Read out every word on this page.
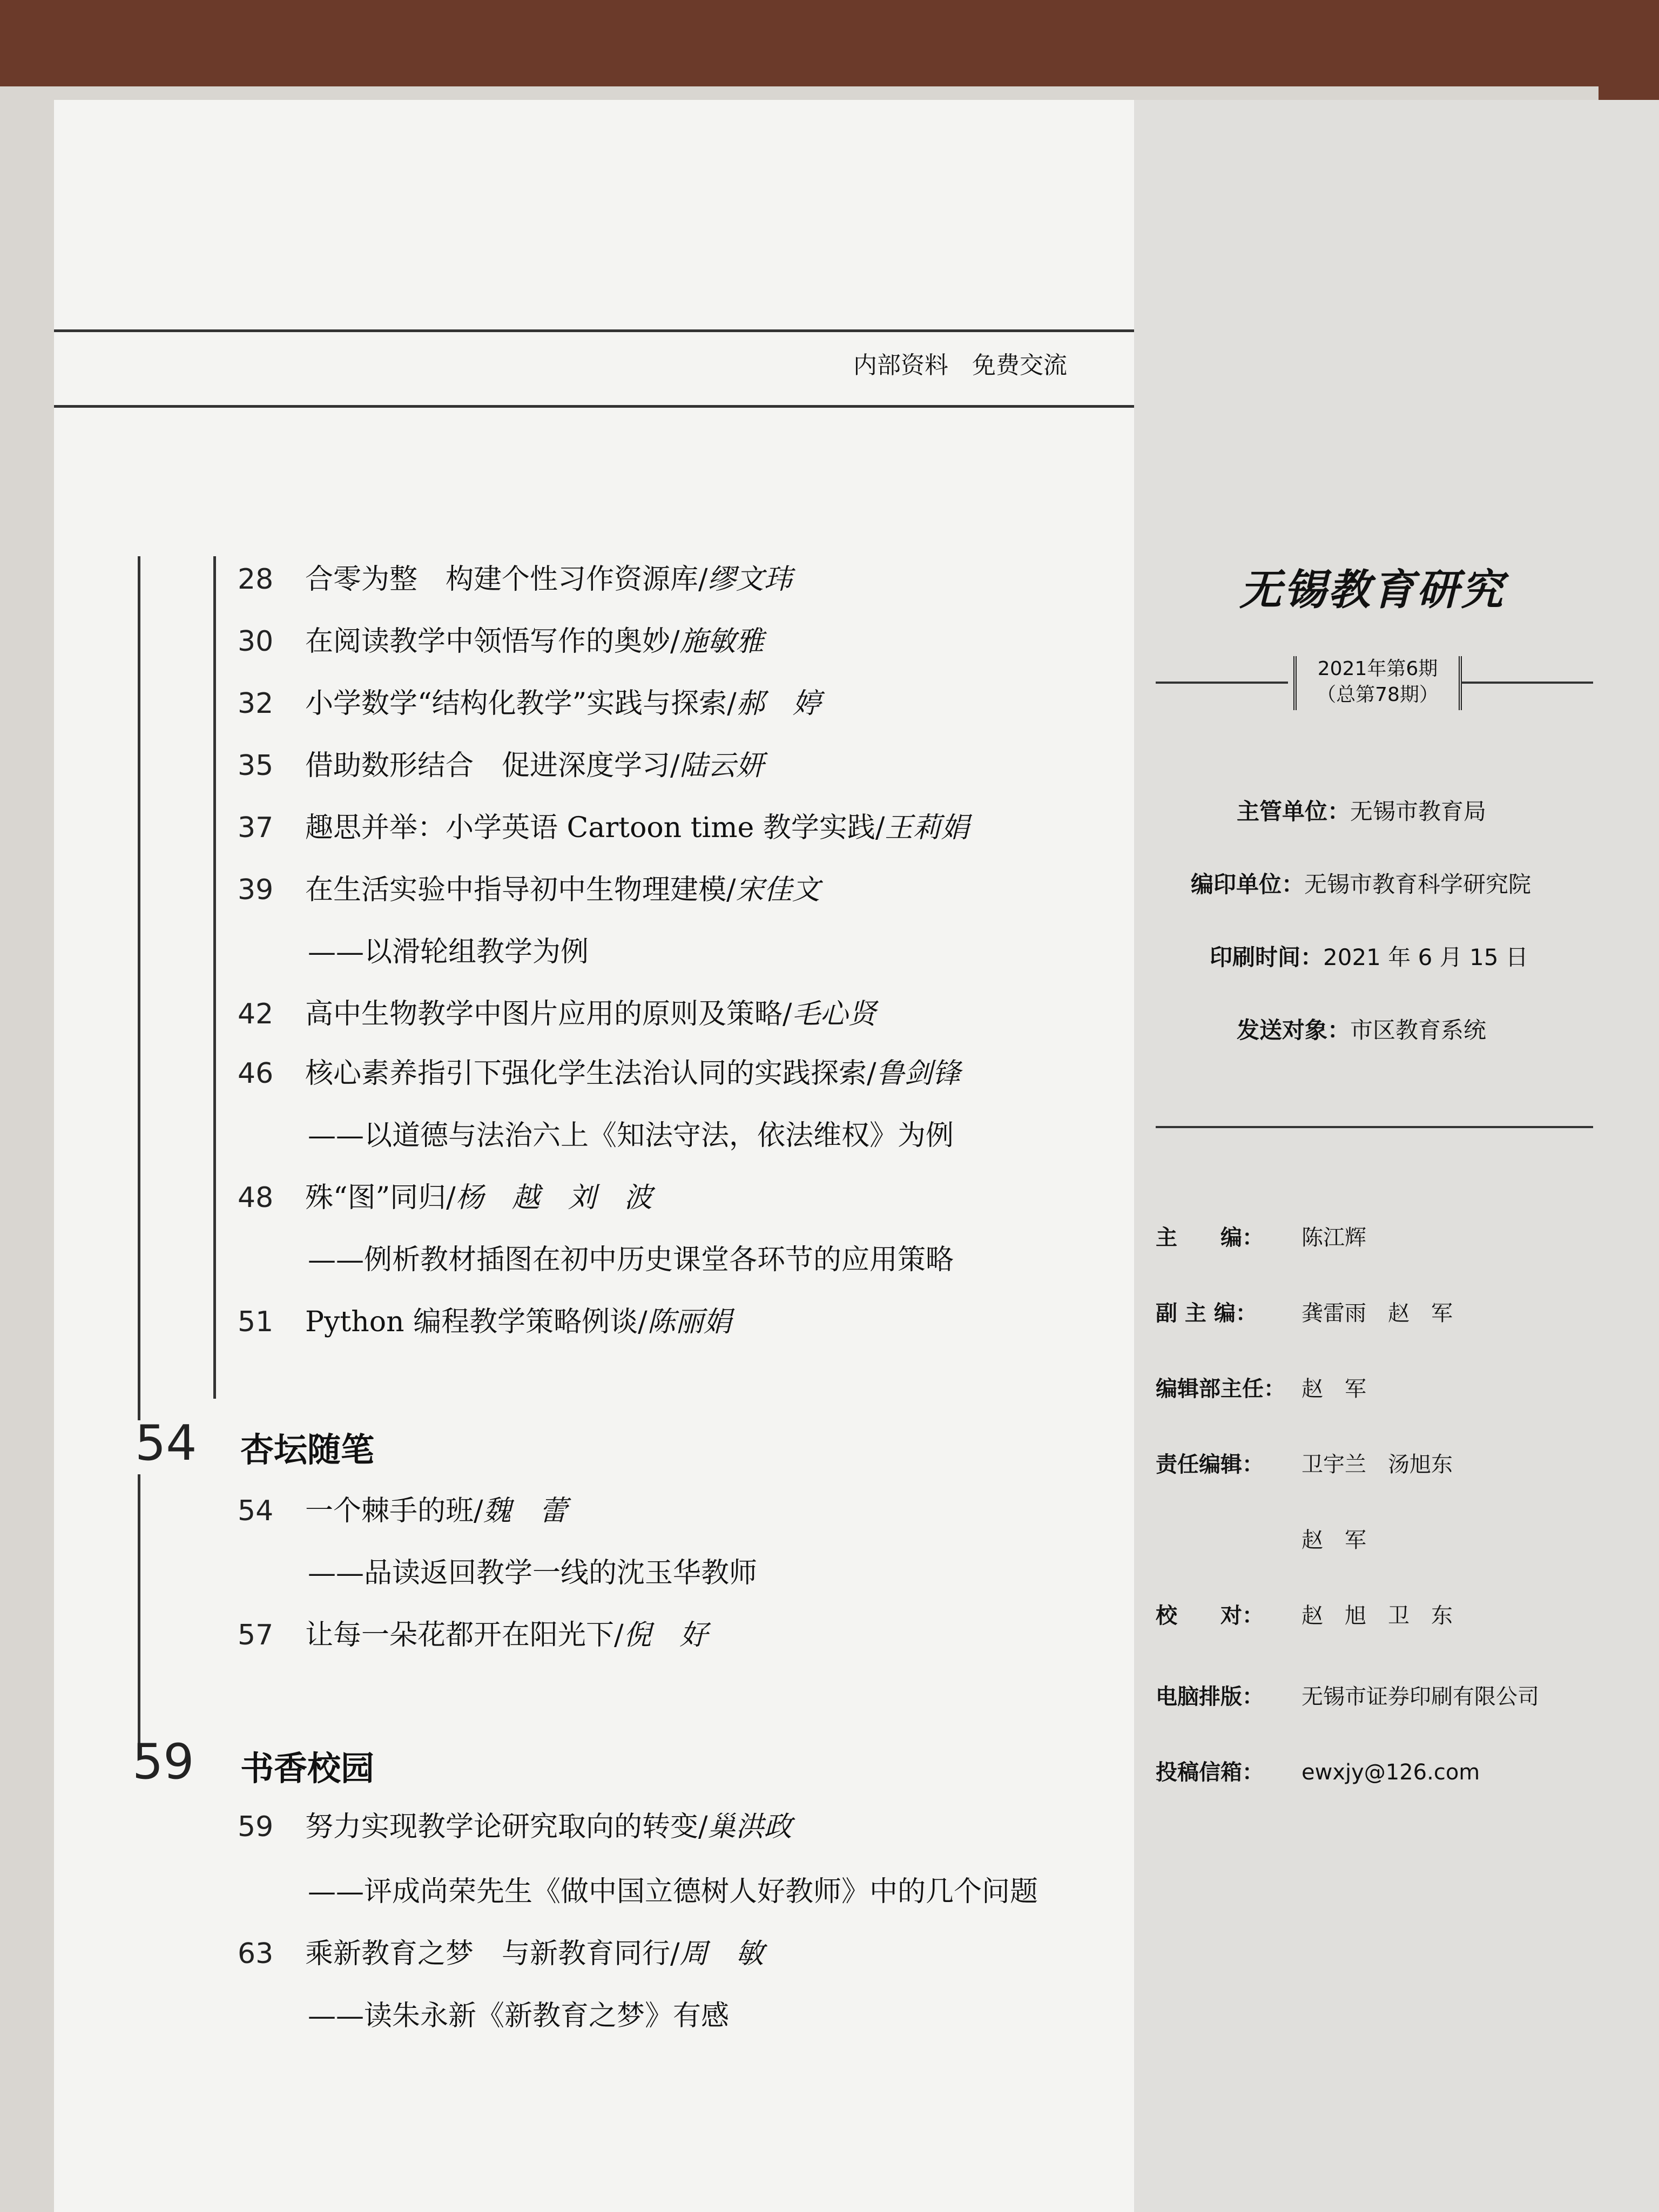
内部资料　免费交流
28	合零为整　构建个性习作资源库 / 缪文玮
30	在阅读教学中领悟写作的奥妙 / 施敏雅
32	小学数学“结构化教学”实践与探索 / 郝　婷
35	借助数形结合　促进深度学习 / 陆云妍
37	趣思并举：小学英语 Cartoon time 教学实践 / 王莉娟
39	在生活实验中指导初中生物理建模 / 宋佳文
——以滑轮组教学为例
42	高中生物教学中图片应用的原则及策略 / 毛心贤
46	核心素养指引下强化学生法治认同的实践探索 / 鲁剑锋
——以道德与法治六上《知法守法，依法维权》为例
48	殊“图”同归 / 杨　越　刘　波
——例析教材插图在初中历史课堂各环节的应用策略
51	Python 编程教学策略例谈 / 陈丽娟
54 杏坛随笔
54	一个棘手的班 / 魏　蕾
——品读返回教学一线的沈玉华教师
57	让每一朵花都开在阳光下 / 倪　好
59 书香校园
59	努力实现教学论研究取向的转变 / 巢洪政
——评成尚荣先生《做中国立德树人好教师》中的几个问题
63	乘新教育之梦　与新教育同行 / 周　敏
——读朱永新《新教育之梦》有感
无锡教育研究
2021年第6期
（总第78期）
主管单位：无锡市教育局
编印单位：无锡市教育科学研究院
印刷时间：2021 年 6 月 15 日
发送对象：市区教育系统
主　　编： 陈江辉
副 主 编： 龚雷雨　赵　军
编辑部主任： 赵　军
责任编辑： 卫宇兰　汤旭东
赵　军
校　　对： 赵　旭　卫　东
电脑排版： 无锡市证券印刷有限公司
投稿信箱： ewxjy@126.com
